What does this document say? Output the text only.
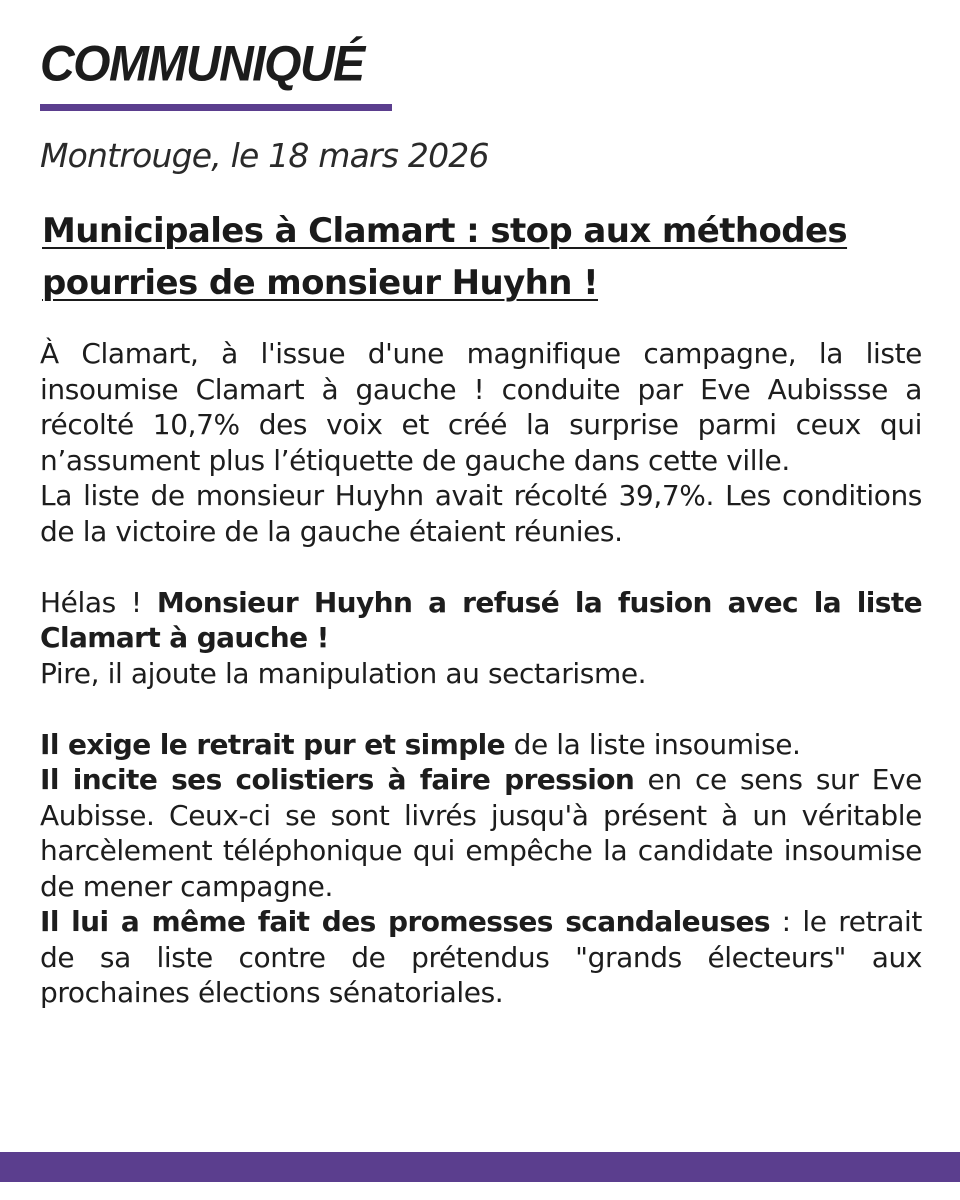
COMMUNIQUÉ
Montrouge, le 18 mars 2026
Municipales à Clamart : stop aux méthodes pourries de monsieur Huyhn !

À Clamart, à l'issue d'une magnifique campagne, la liste insoumise Clamart à gauche ! conduite par Eve Aubissse a récolté 10,7% des voix et créé la surprise parmi ceux qui n’assument plus l’étiquette de gauche dans cette ville.

La liste de monsieur Huyhn avait récolté 39,7%. Les conditions de la victoire de la gauche étaient réunies.

Hélas ! Monsieur Huyhn a refusé la fusion avec la liste Clamart à gauche !

Pire, il ajoute la manipulation au sectarisme.

Il exige le retrait pur et simple de la liste insoumise.

Il incite ses colistiers à faire pression en ce sens sur Eve Aubisse. Ceux-ci se sont livrés jusqu'à présent à un véritable harcèlement téléphonique qui empêche la candidate insoumise de mener campagne.

Il lui a même fait des promesses scandaleuses : le retrait de sa liste contre de prétendus "grands électeurs" aux prochaines élections sénatoriales.
